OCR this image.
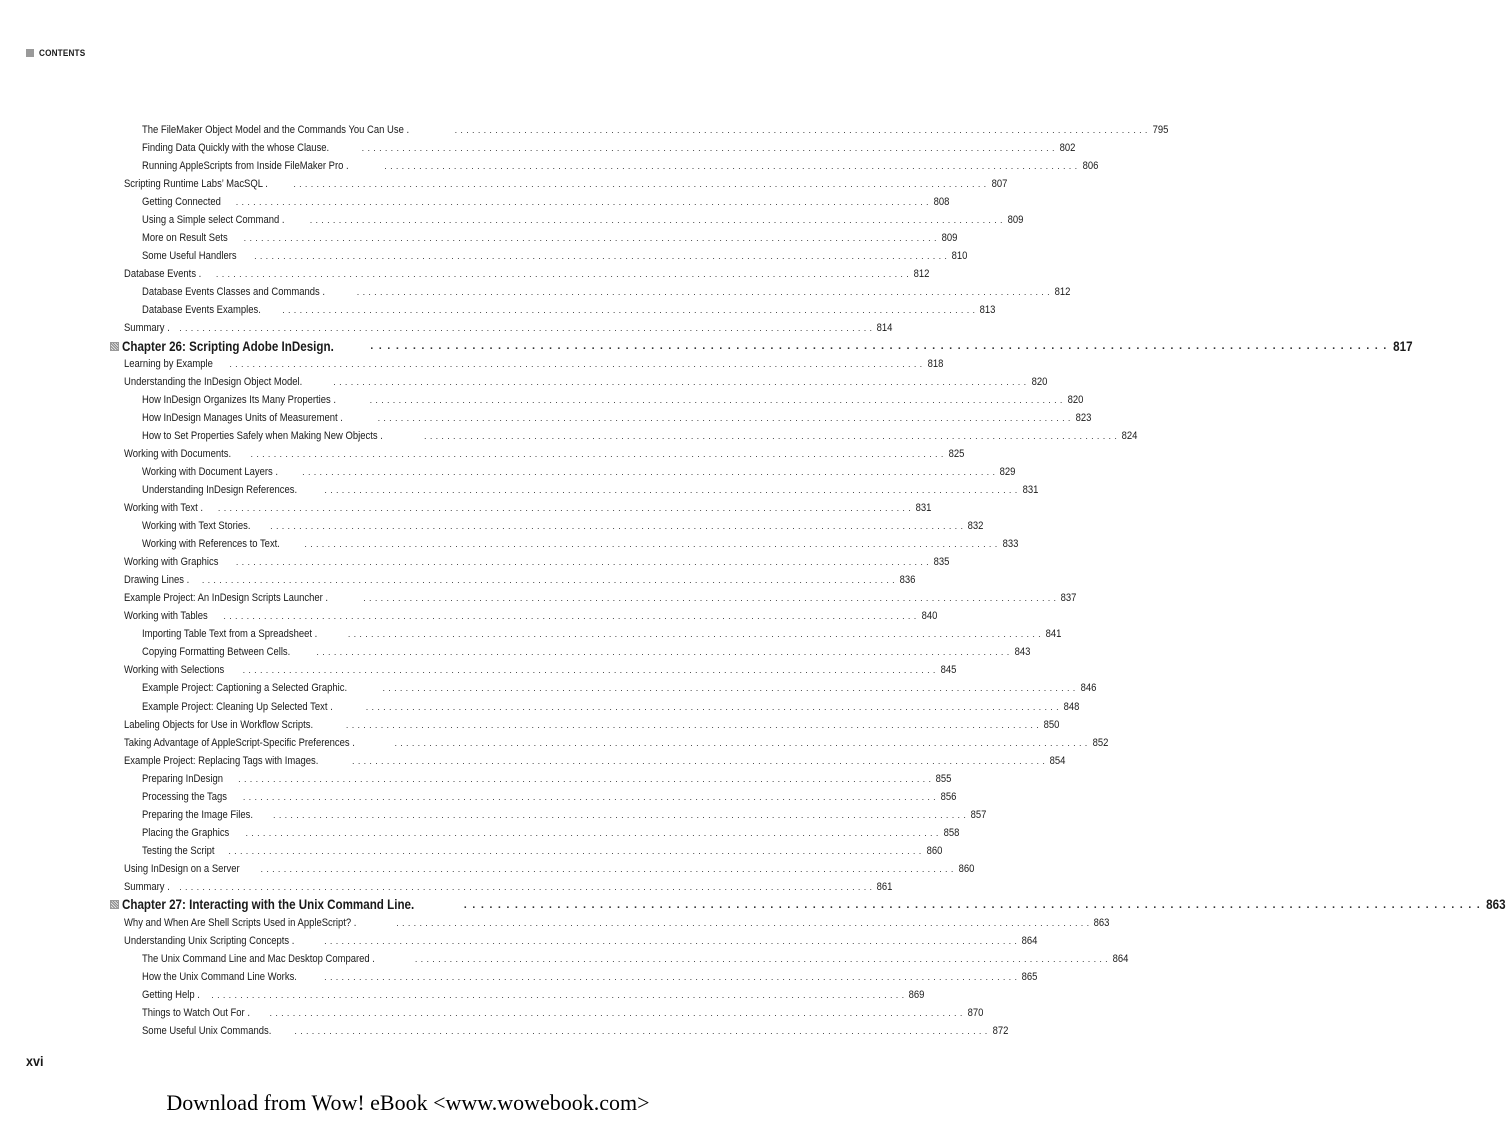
CONTENTS
The FileMaker Object Model and the Commands You Can Use .	. . . . . . . . . . . . . . . . . . . . . . . . . . . . . . . . . . . . . . . . . . . . . . . . . . . . . . . . . . . . . . . . . . . . . . . . . . . . . . . . . . . . . . . . . . . . . . . . . . . . . . . . . . . . . . . . . . . . . . . . 795
Finding Data Quickly with the whose Clause.	. . . . . . . . . . . . . . . . . . . . . . . . . . . . . . . . . . . . . . . . . . . . . . . . . . . . . . . . . . . . . . . . . . . . . . . . . . . . . . . . . . . . . . . . . . . . . . . . . . . . . . . . . . . . . . . . . . . . . . . . 802
Running AppleScripts from Inside FileMaker Pro .	. . . . . . . . . . . . . . . . . . . . . . . . . . . . . . . . . . . . . . . . . . . . . . . . . . . . . . . . . . . . . . . . . . . . . . . . . . . . . . . . . . . . . . . . . . . . . . . . . . . . . . . . . . . . . . . . . . . . . . . . 806
Scripting Runtime Labs’ MacSQL .	. . . . . . . . . . . . . . . . . . . . . . . . . . . . . . . . . . . . . . . . . . . . . . . . . . . . . . . . . . . . . . . . . . . . . . . . . . . . . . . . . . . . . . . . . . . . . . . . . . . . . . . . . . . . . . . . . . . . . . . . 807
Getting Connected . . . . . . . . . . . . . . . . . . . . . . . . . . . . . . . . . . . . . . . . . . . . . . . . . . . . . . . . . . . . . . . . . . . . . . . . . . . . . . . . . . . . . . . . . . . . . . . . . . . . . . . . . . . . . . . . . . . . . . . . 808
Using a Simple select Command .	. . . . . . . . . . . . . . . . . . . . . . . . . . . . . . . . . . . . . . . . . . . . . . . . . . . . . . . . . . . . . . . . . . . . . . . . . . . . . . . . . . . . . . . . . . . . . . . . . . . . . . . . . . . . . . . . . . . . . . . . 809
More on Result Sets . . . . . . . . . . . . . . . . . . . . . . . . . . . . . . . . . . . . . . . . . . . . . . . . . . . . . . . . . . . . . . . . . . . . . . . . . . . . . . . . . . . . . . . . . . . . . . . . . . . . . . . . . . . . . . . . . . . . . . . . 809
Some Useful Handlers . . . . . . . . . . . . . . . . . . . . . . . . . . . . . . . . . . . . . . . . . . . . . . . . . . . . . . . . . . . . . . . . . . . . . . . . . . . . . . . . . . . . . . . . . . . . . . . . . . . . . . . . . . . . . . . . . . . . . . . . 810
Database Events . . . . . . . . . . . . . . . . . . . . . . . . . . . . . . . . . . . . . . . . . . . . . . . . . . . . . . . . . . . . . . . . . . . . . . . . . . . . . . . . . . . . . . . . . . . . . . . . . . . . . . . . . . . . . . . . . . . . . . . . . 812
Database Events Classes and Commands .	. . . . . . . . . . . . . . . . . . . . . . . . . . . . . . . . . . . . . . . . . . . . . . . . . . . . . . . . . . . . . . . . . . . . . . . . . . . . . . . . . . . . . . . . . . . . . . . . . . . . . . . . . . . . . . . . . . . . . . . . 812
Database Events Examples. . . . . . . . . . . . . . . . . . . . . . . . . . . . . . . . . . . . . . . . . . . . . . . . . . . . . . . . . . . . . . . . . . . . . . . . . . . . . . . . . . . . . . . . . . . . . . . . . . . . . . . . . . . . . . . . . . . . . . . . . 813
Summary . . . . . . . . . . . . . . . . . . . . . . . . . . . . . . . . . . . . . . . . . . . . . . . . . . . . . . . . . . . . . . . . . . . . . . . . . . . . . . . . . . . . . . . . . . . . . . . . . . . . . . . . . . . . . . . . . . . . . . . . . 814
Chapter 26: Scripting Adobe InDesign.	. . . . . . . . . . . . . . . . . . . . . . . . . . . . . . . . . . . . . . . . . . . . . . . . . . . . . . . . . . . . . . . . . . . . . . . . . . . . . . . . . . . . . . . . . . . . . . . . . . . . . . . . . . . . . . . . . . . . . . . . 817
Learning by Example . . . . . . . . . . . . . . . . . . . . . . . . . . . . . . . . . . . . . . . . . . . . . . . . . . . . . . . . . . . . . . . . . . . . . . . . . . . . . . . . . . . . . . . . . . . . . . . . . . . . . . . . . . . . . . . . . . . . . . . . 818
Understanding the InDesign Object Model.	. . . . . . . . . . . . . . . . . . . . . . . . . . . . . . . . . . . . . . . . . . . . . . . . . . . . . . . . . . . . . . . . . . . . . . . . . . . . . . . . . . . . . . . . . . . . . . . . . . . . . . . . . . . . . . . . . . . . . . . . 820
How InDesign Organizes Its Many Properties .	. . . . . . . . . . . . . . . . . . . . . . . . . . . . . . . . . . . . . . . . . . . . . . . . . . . . . . . . . . . . . . . . . . . . . . . . . . . . . . . . . . . . . . . . . . . . . . . . . . . . . . . . . . . . . . . . . . . . . . . . 820
How InDesign Manages Units of Measurement .	. . . . . . . . . . . . . . . . . . . . . . . . . . . . . . . . . . . . . . . . . . . . . . . . . . . . . . . . . . . . . . . . . . . . . . . . . . . . . . . . . . . . . . . . . . . . . . . . . . . . . . . . . . . . . . . . . . . . . . . . 823
How to Set Properties Safely when Making New Objects .	. . . . . . . . . . . . . . . . . . . . . . . . . . . . . . . . . . . . . . . . . . . . . . . . . . . . . . . . . . . . . . . . . . . . . . . . . . . . . . . . . . . . . . . . . . . . . . . . . . . . . . . . . . . . . . . . . . . . . . . . 824
Working with Documents. . . . . . . . . . . . . . . . . . . . . . . . . . . . . . . . . . . . . . . . . . . . . . . . . . . . . . . . . . . . . . . . . . . . . . . . . . . . . . . . . . . . . . . . . . . . . . . . . . . . . . . . . . . . . . . . . . . . . . . . . 825
Working with Document Layers .	. . . . . . . . . . . . . . . . . . . . . . . . . . . . . . . . . . . . . . . . . . . . . . . . . . . . . . . . . . . . . . . . . . . . . . . . . . . . . . . . . . . . . . . . . . . . . . . . . . . . . . . . . . . . . . . . . . . . . . . . 829
Understanding InDesign References.	. . . . . . . . . . . . . . . . . . . . . . . . . . . . . . . . . . . . . . . . . . . . . . . . . . . . . . . . . . . . . . . . . . . . . . . . . . . . . . . . . . . . . . . . . . . . . . . . . . . . . . . . . . . . . . . . . . . . . . . . 831
Working with Text . . . . . . . . . . . . . . . . . . . . . . . . . . . . . . . . . . . . . . . . . . . . . . . . . . . . . . . . . . . . . . . . . . . . . . . . . . . . . . . . . . . . . . . . . . . . . . . . . . . . . . . . . . . . . . . . . . . . . . . . . 831
Working with Text Stories. . . . . . . . . . . . . . . . . . . . . . . . . . . . . . . . . . . . . . . . . . . . . . . . . . . . . . . . . . . . . . . . . . . . . . . . . . . . . . . . . . . . . . . . . . . . . . . . . . . . . . . . . . . . . . . . . . . . . . . . . 832
Working with References to Text.	. . . . . . . . . . . . . . . . . . . . . . . . . . . . . . . . . . . . . . . . . . . . . . . . . . . . . . . . . . . . . . . . . . . . . . . . . . . . . . . . . . . . . . . . . . . . . . . . . . . . . . . . . . . . . . . . . . . . . . . . 833
Working with Graphics . . . . . . . . . . . . . . . . . . . . . . . . . . . . . . . . . . . . . . . . . . . . . . . . . . . . . . . . . . . . . . . . . . . . . . . . . . . . . . . . . . . . . . . . . . . . . . . . . . . . . . . . . . . . . . . . . . . . . . . . 835
Drawing Lines . . . . . . . . . . . . . . . . . . . . . . . . . . . . . . . . . . . . . . . . . . . . . . . . . . . . . . . . . . . . . . . . . . . . . . . . . . . . . . . . . . . . . . . . . . . . . . . . . . . . . . . . . . . . . . . . . . . . . . . . . 836
Example Project: An InDesign Scripts Launcher .	. . . . . . . . . . . . . . . . . . . . . . . . . . . . . . . . . . . . . . . . . . . . . . . . . . . . . . . . . . . . . . . . . . . . . . . . . . . . . . . . . . . . . . . . . . . . . . . . . . . . . . . . . . . . . . . . . . . . . . . . 837
Working with Tables . . . . . . . . . . . . . . . . . . . . . . . . . . . . . . . . . . . . . . . . . . . . . . . . . . . . . . . . . . . . . . . . . . . . . . . . . . . . . . . . . . . . . . . . . . . . . . . . . . . . . . . . . . . . . . . . . . . . . . . . 840
Importing Table Text from a Spreadsheet .	. . . . . . . . . . . . . . . . . . . . . . . . . . . . . . . . . . . . . . . . . . . . . . . . . . . . . . . . . . . . . . . . . . . . . . . . . . . . . . . . . . . . . . . . . . . . . . . . . . . . . . . . . . . . . . . . . . . . . . . . 841
Copying Formatting Between Cells.	. . . . . . . . . . . . . . . . . . . . . . . . . . . . . . . . . . . . . . . . . . . . . . . . . . . . . . . . . . . . . . . . . . . . . . . . . . . . . . . . . . . . . . . . . . . . . . . . . . . . . . . . . . . . . . . . . . . . . . . . 843
Working with Selections . . . . . . . . . . . . . . . . . . . . . . . . . . . . . . . . . . . . . . . . . . . . . . . . . . . . . . . . . . . . . . . . . . . . . . . . . . . . . . . . . . . . . . . . . . . . . . . . . . . . . . . . . . . . . . . . . . . . . . . . 845
Example Project: Captioning a Selected Graphic.	. . . . . . . . . . . . . . . . . . . . . . . . . . . . . . . . . . . . . . . . . . . . . . . . . . . . . . . . . . . . . . . . . . . . . . . . . . . . . . . . . . . . . . . . . . . . . . . . . . . . . . . . . . . . . . . . . . . . . . . . 846
Example Project: Cleaning Up Selected Text .	. . . . . . . . . . . . . . . . . . . . . . . . . . . . . . . . . . . . . . . . . . . . . . . . . . . . . . . . . . . . . . . . . . . . . . . . . . . . . . . . . . . . . . . . . . . . . . . . . . . . . . . . . . . . . . . . . . . . . . . . 848
Labeling Objects for Use in Workflow Scripts.	. . . . . . . . . . . . . . . . . . . . . . . . . . . . . . . . . . . . . . . . . . . . . . . . . . . . . . . . . . . . . . . . . . . . . . . . . . . . . . . . . . . . . . . . . . . . . . . . . . . . . . . . . . . . . . . . . . . . . . . . 850
Taking Advantage of AppleScript-Specific Preferences .	. . . . . . . . . . . . . . . . . . . . . . . . . . . . . . . . . . . . . . . . . . . . . . . . . . . . . . . . . . . . . . . . . . . . . . . . . . . . . . . . . . . . . . . . . . . . . . . . . . . . . . . . . . . . . . . . . . . . . . . . 852
Example Project: Replacing Tags with Images.	. . . . . . . . . . . . . . . . . . . . . . . . . . . . . . . . . . . . . . . . . . . . . . . . . . . . . . . . . . . . . . . . . . . . . . . . . . . . . . . . . . . . . . . . . . . . . . . . . . . . . . . . . . . . . . . . . . . . . . . . 854
Preparing InDesign . . . . . . . . . . . . . . . . . . . . . . . . . . . . . . . . . . . . . . . . . . . . . . . . . . . . . . . . . . . . . . . . . . . . . . . . . . . . . . . . . . . . . . . . . . . . . . . . . . . . . . . . . . . . . . . . . . . . . . . . 855
Processing the Tags . . . . . . . . . . . . . . . . . . . . . . . . . . . . . . . . . . . . . . . . . . . . . . . . . . . . . . . . . . . . . . . . . . . . . . . . . . . . . . . . . . . . . . . . . . . . . . . . . . . . . . . . . . . . . . . . . . . . . . . . 856
Preparing the Image Files. . . . . . . . . . . . . . . . . . . . . . . . . . . . . . . . . . . . . . . . . . . . . . . . . . . . . . . . . . . . . . . . . . . . . . . . . . . . . . . . . . . . . . . . . . . . . . . . . . . . . . . . . . . . . . . . . . . . . . . . . 857
Placing the Graphics . . . . . . . . . . . . . . . . . . . . . . . . . . . . . . . . . . . . . . . . . . . . . . . . . . . . . . . . . . . . . . . . . . . . . . . . . . . . . . . . . . . . . . . . . . . . . . . . . . . . . . . . . . . . . . . . . . . . . . . . 858
Testing the Script . . . . . . . . . . . . . . . . . . . . . . . . . . . . . . . . . . . . . . . . . . . . . . . . . . . . . . . . . . . . . . . . . . . . . . . . . . . . . . . . . . . . . . . . . . . . . . . . . . . . . . . . . . . . . . . . . . . . . . . . 860
Using InDesign on a Server . . . . . . . . . . . . . . . . . . . . . . . . . . . . . . . . . . . . . . . . . . . . . . . . . . . . . . . . . . . . . . . . . . . . . . . . . . . . . . . . . . . . . . . . . . . . . . . . . . . . . . . . . . . . . . . . . . . . . . . . 860
Summary . . . . . . . . . . . . . . . . . . . . . . . . . . . . . . . . . . . . . . . . . . . . . . . . . . . . . . . . . . . . . . . . . . . . . . . . . . . . . . . . . . . . . . . . . . . . . . . . . . . . . . . . . . . . . . . . . . . . . . . . . 861
Chapter 27: Interacting with the Unix Command Line.	. . . . . . . . . . . . . . . . . . . . . . . . . . . . . . . . . . . . . . . . . . . . . . . . . . . . . . . . . . . . . . . . . . . . . . . . . . . . . . . . . . . . . . . . . . . . . . . . . . . . . . . . . . . . . . . . . . . . . . . . 863
Why and When Are Shell Scripts Used in AppleScript? .	. . . . . . . . . . . . . . . . . . . . . . . . . . . . . . . . . . . . . . . . . . . . . . . . . . . . . . . . . . . . . . . . . . . . . . . . . . . . . . . . . . . . . . . . . . . . . . . . . . . . . . . . . . . . . . . . . . . . . . . . 863
Understanding Unix Scripting Concepts .	. . . . . . . . . . . . . . . . . . . . . . . . . . . . . . . . . . . . . . . . . . . . . . . . . . . . . . . . . . . . . . . . . . . . . . . . . . . . . . . . . . . . . . . . . . . . . . . . . . . . . . . . . . . . . . . . . . . . . . . . 864
The Unix Command Line and Mac Desktop Compared .	. . . . . . . . . . . . . . . . . . . . . . . . . . . . . . . . . . . . . . . . . . . . . . . . . . . . . . . . . . . . . . . . . . . . . . . . . . . . . . . . . . . . . . . . . . . . . . . . . . . . . . . . . . . . . . . . . . . . . . . . 864
How the Unix Command Line Works.	. . . . . . . . . . . . . . . . . . . . . . . . . . . . . . . . . . . . . . . . . . . . . . . . . . . . . . . . . . . . . . . . . . . . . . . . . . . . . . . . . . . . . . . . . . . . . . . . . . . . . . . . . . . . . . . . . . . . . . . . 865
Getting Help . . . . . . . . . . . . . . . . . . . . . . . . . . . . . . . . . . . . . . . . . . . . . . . . . . . . . . . . . . . . . . . . . . . . . . . . . . . . . . . . . . . . . . . . . . . . . . . . . . . . . . . . . . . . . . . . . . . . . . . . . 869
Things to Watch Out For . . . . . . . . . . . . . . . . . . . . . . . . . . . . . . . . . . . . . . . . . . . . . . . . . . . . . . . . . . . . . . . . . . . . . . . . . . . . . . . . . . . . . . . . . . . . . . . . . . . . . . . . . . . . . . . . . . . . . . . . . 870
Some Useful Unix Commands.	. . . . . . . . . . . . . . . . . . . . . . . . . . . . . . . . . . . . . . . . . . . . . . . . . . . . . . . . . . . . . . . . . . . . . . . . . . . . . . . . . . . . . . . . . . . . . . . . . . . . . . . . . . . . . . . . . . . . . . . . 872
xvi
Download from Wow! eBook <www.wowebook.com>
